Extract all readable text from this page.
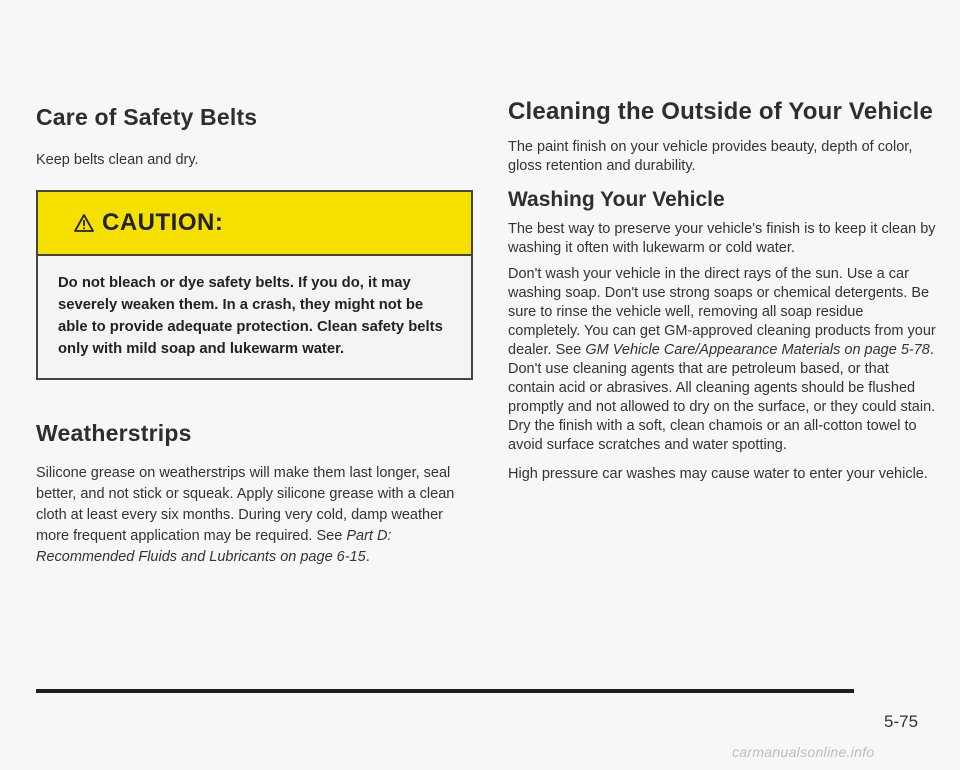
Care of Safety Belts

Keep belts clean and dry.

CAUTION:
Do not bleach or dye safety belts. If you do, it may severely weaken them. In a crash, they might not be able to provide adequate protection. Clean safety belts only with mild soap and lukewarm water.
Weatherstrips

Silicone grease on weatherstrips will make them last longer, seal better, and not stick or squeak. Apply silicone grease with a clean cloth at least every six months. During very cold, damp weather more frequent application may be required. See Part D: Recommended Fluids and Lubricants on page 6-15.

Cleaning the Outside of Your Vehicle

The paint finish on your vehicle provides beauty, depth of color, gloss retention and durability.

Washing Your Vehicle

The best way to preserve your vehicle's finish is to keep it clean by washing it often with lukewarm or cold water.

Don't wash your vehicle in the direct rays of the sun. Use a car washing soap. Don't use strong soaps or chemical detergents. Be sure to rinse the vehicle well, removing all soap residue completely. You can get GM-approved cleaning products from your dealer. See GM Vehicle Care/Appearance Materials on page 5-78. Don't use cleaning agents that are petroleum based, or that contain acid or abrasives. All cleaning agents should be flushed promptly and not allowed to dry on the surface, or they could stain. Dry the finish with a soft, clean chamois or an all-cotton towel to avoid surface scratches and water spotting.

High pressure car washes may cause water to enter your vehicle.

5-75
carmanualsonline.info
